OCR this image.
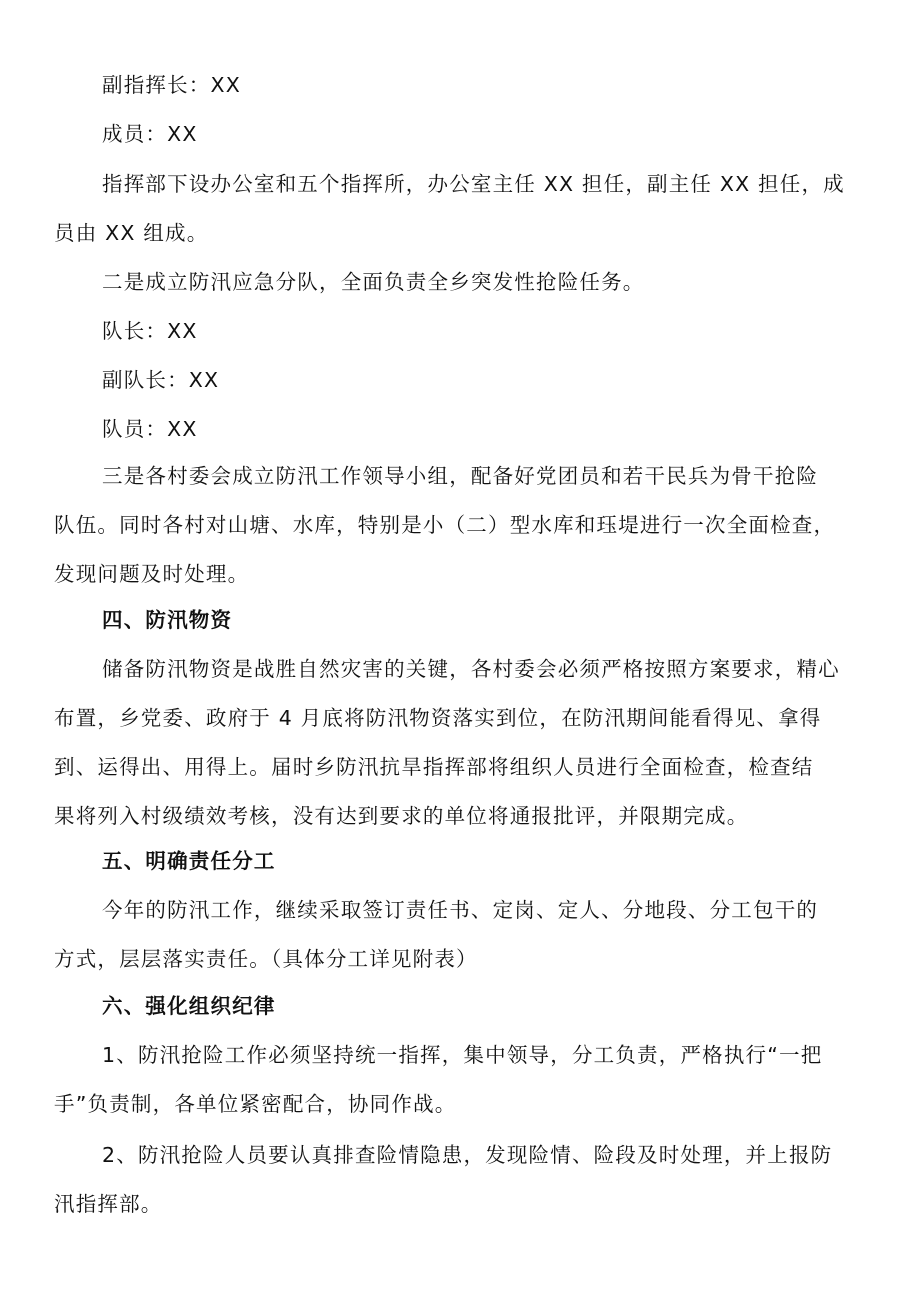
副指挥长：XX

成员：XX

指挥部下设办公室和五个指挥所，办公室主任 XX 担任，副主任 XX 担任，成
员由 XX 组成。

二是成立防汛应急分队，全面负责全乡突发性抢险任务。

队长：XX

副队长：XX

队员：XX

三是各村委会成立防汛工作领导小组，配备好党团员和若干民兵为骨干抢险
队伍。同时各村对山塘、水库，特别是小（二）型水库和珏堤进行一次全面检查，
发现问题及时处理。

四、防汛物资

储备防汛物资是战胜自然灾害的关键，各村委会必须严格按照方案要求，精心
布置，乡党委、政府于 4 月底将防汛物资落实到位，在防汛期间能看得见、拿得
到、运得出、用得上。届时乡防汛抗旱指挥部将组织人员进行全面检查，检查结
果将列入村级绩效考核，没有达到要求的单位将通报批评，并限期完成。

五、明确责任分工

今年的防汛工作，继续采取签订责任书、定岗、定人、分地段、分工包干的
方式，层层落实责任。（具体分工详见附表）

六、强化组织纪律

1、防汛抢险工作必须坚持统一指挥，集中领导，分工负责，严格执行“一把
手”负责制，各单位紧密配合，协同作战。

2、防汛抢险人员要认真排查险情隐患，发现险情、险段及时处理，并上报防
汛指挥部。
